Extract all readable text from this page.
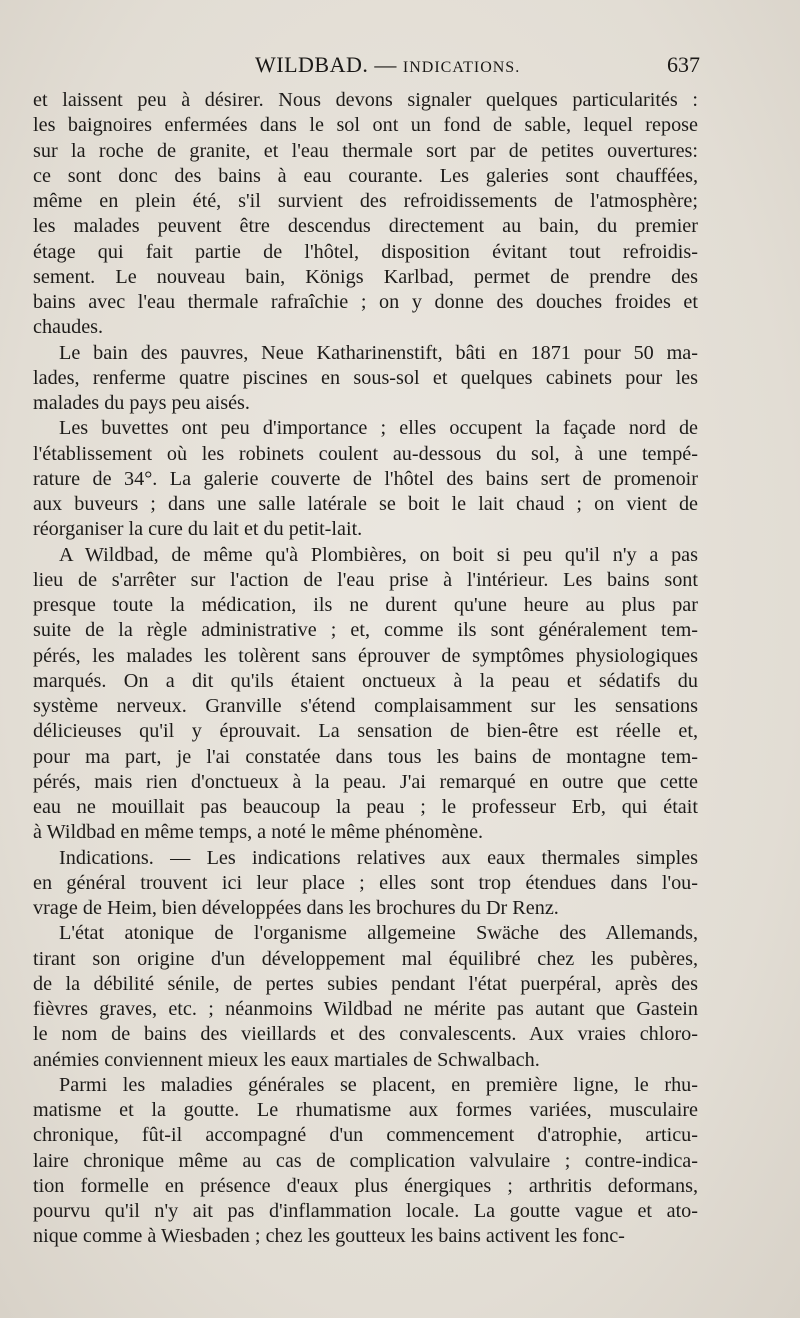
WILDBAD. — INDICATIONS.	637

et laissent peu à désirer. Nous devons signaler quelques particularités :
les baignoires enfermées dans le sol ont un fond de sable, lequel repose
sur la roche de granite, et l'eau thermale sort par de petites ouvertures:
ce sont donc des bains à eau courante. Les galeries sont chauffées,
même en plein été, s'il survient des refroidissements de l'atmosphère;
les malades peuvent être descendus directement au bain, du premier
étage qui fait partie de l'hôtel, disposition évitant tout refroidis-
sement. Le nouveau bain, Königs Karlbad, permet de prendre des
bains avec l'eau thermale rafraîchie ; on y donne des douches froides et
chaudes.

Le bain des pauvres, Neue Katharinenstift, bâti en 1871 pour 50 ma-
lades, renferme quatre piscines en sous-sol et quelques cabinets pour les
malades du pays peu aisés.

Les buvettes ont peu d'importance ; elles occupent la façade nord de
l'établissement où les robinets coulent au-dessous du sol, à une tempé-
rature de 34°. La galerie couverte de l'hôtel des bains sert de promenoir
aux buveurs ; dans une salle latérale se boit le lait chaud ; on vient de
réorganiser la cure du lait et du petit-lait.

A Wildbad, de même qu'à Plombières, on boit si peu qu'il n'y a pas
lieu de s'arrêter sur l'action de l'eau prise à l'intérieur. Les bains sont
presque toute la médication, ils ne durent qu'une heure au plus par
suite de la règle administrative ; et, comme ils sont généralement tem-
pérés, les malades les tolèrent sans éprouver de symptômes physiologiques
marqués. On a dit qu'ils étaient onctueux à la peau et sédatifs du
système nerveux. Granville s'étend complaisamment sur les sensations
délicieuses qu'il y éprouvait. La sensation de bien-être est réelle et,
pour ma part, je l'ai constatée dans tous les bains de montagne tem-
pérés, mais rien d'onctueux à la peau. J'ai remarqué en outre que cette
eau ne mouillait pas beaucoup la peau ; le professeur Erb, qui était
à Wildbad en même temps, a noté le même phénomène.

Indications. — Les indications relatives aux eaux thermales simples
en général trouvent ici leur place ; elles sont trop étendues dans l'ou-
vrage de Heim, bien développées dans les brochures du Dr Renz.

L'état atonique de l'organisme allgemeine Swäche des Allemands,
tirant son origine d'un développement mal équilibré chez les pubères,
de la débilité sénile, de pertes subies pendant l'état puerpéral, après des
fièvres graves, etc. ; néanmoins Wildbad ne mérite pas autant que Gastein
le nom de bains des vieillards et des convalescents. Aux vraies chloro-
anémies conviennent mieux les eaux martiales de Schwalbach.

Parmi les maladies générales se placent, en première ligne, le rhu-
matisme et la goutte. Le rhumatisme aux formes variées, musculaire
chronique, fût-il accompagné d'un commencement d'atrophie, articu-
laire chronique même au cas de complication valvulaire ; contre-indica-
tion formelle en présence d'eaux plus énergiques ; arthritis deformans,
pourvu qu'il n'y ait pas d'inflammation locale. La goutte vague et ato-
nique comme à Wiesbaden ; chez les goutteux les bains activent les fonc-
